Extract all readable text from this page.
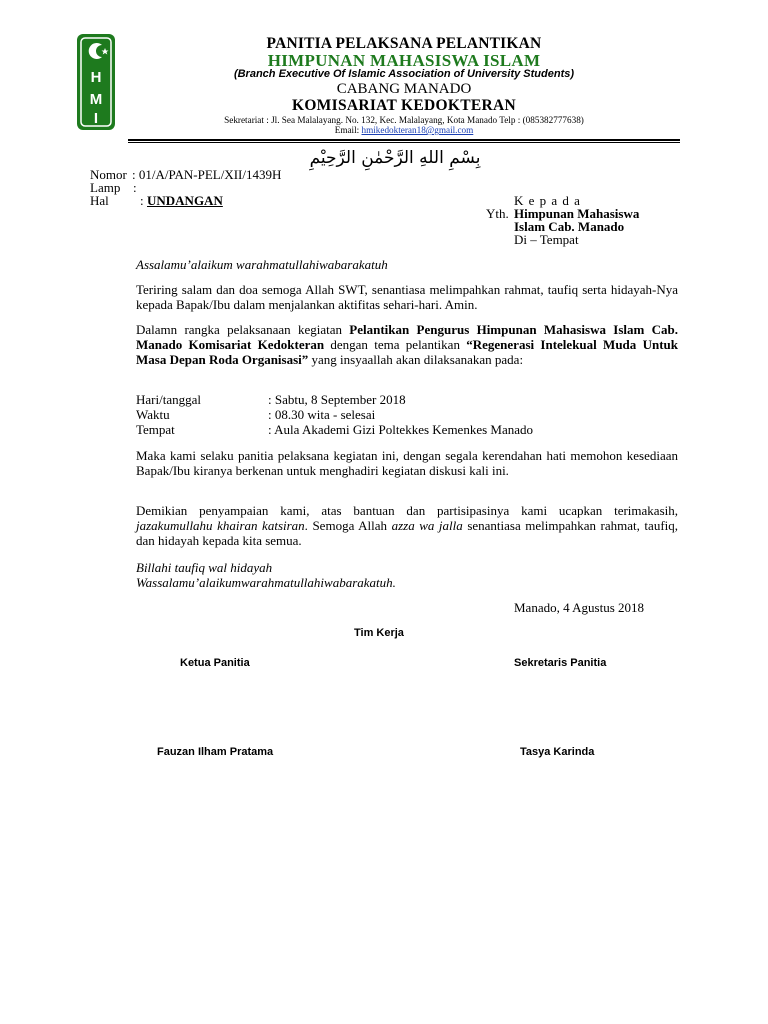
H
M
I
PANITIA PELAKSANA PELANTIKAN
HIMPUNAN MAHASISWA ISLAM
(Branch Executive Of Islamic Association of University Students)
CABANG MANADO
KOMISARIAT KEDOKTERAN
Sekretariat : Jl. Sea Malalayang. No. 132, Kec. Malalayang, Kota Manado Telp : (085382777638)
Email: hmikedokteran18@gmail.com
بِسْمِ اللهِ الرَّحْمٰنِ الرَّحِيْمِ
Nomor : 01/A/PAN-PEL/XII/1439H
Lamp :
Hal : UNDANGAN	K e p a d a
Yth. Himpunan Mahasiswa
Islam Cab. Manado
Di – Tempat
Assalamu’alaikum warahmatullahiwabarakatuh
Teriring salam dan doa semoga Allah SWT, senantiasa melimpahkan rahmat, taufiq serta hidayah-Nya kepada Bapak/Ibu dalam menjalankan aktifitas sehari-hari. Amin.
Dalamn rangka pelaksanaan kegiatan Pelantikan Pengurus Himpunan Mahasiswa Islam Cab. Manado Komisariat Kedokteran dengan tema pelantikan “Regenerasi Intelekual Muda Untuk Masa Depan Roda Organisasi” yang insyaallah akan dilaksanakan pada:
Hari/tanggal	: Sabtu, 8 September 2018
Waktu	: 08.30 wita - selesai
Tempat	: Aula Akademi Gizi Poltekkes Kemenkes Manado
Maka kami selaku panitia pelaksana kegiatan ini, dengan segala kerendahan hati memohon kesediaan Bapak/Ibu kiranya berkenan untuk menghadiri kegiatan diskusi kali ini.
Demikian penyampaian kami, atas bantuan dan partisipasinya kami ucapkan terimakasih, jazakumullahu khairan katsiran. Semoga Allah azza wa jalla senantiasa melimpahkan rahmat, taufiq, dan hidayah kepada kita semua.
Billahi taufiq wal hidayah
Wassalamu’alaikumwarahmatullahiwabarakatuh.
Manado, 4 Agustus 2018
Tim Kerja
Ketua Panitia	Sekretaris Panitia
Fauzan Ilham Pratama	Tasya Karinda
